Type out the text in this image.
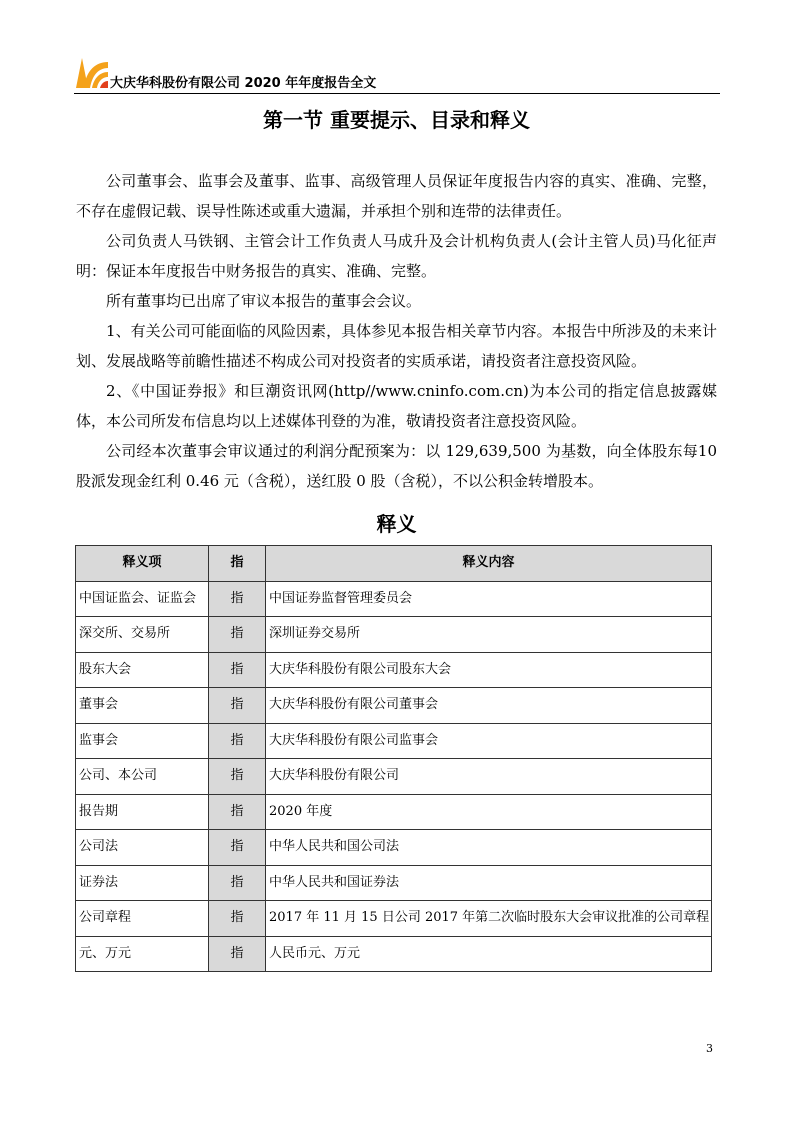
大庆华科股份有限公司 2020 年年度报告全文
第一节 重要提示、目录和释义

公司董事会、监事会及董事、监事、高级管理人员保证年度报告内容的真实、准确、完整，不存在虚假记载、误导性陈述或重大遗漏，并承担个别和连带的法律责任。

公司负责人马铁钢、主管会计工作负责人马成升及会计机构负责人(会计主管人员)马化征声明：保证本年度报告中财务报告的真实、准确、完整。

所有董事均已出席了审议本报告的董事会会议。

1、有关公司可能面临的风险因素，具体参见本报告相关章节内容。本报告中所涉及的未来计划、发展战略等前瞻性描述不构成公司对投资者的实质承诺，请投资者注意投资风险。

2、《中国证券报》和巨潮资讯网(http//www.cninfo.com.cn)为本公司的指定信息披露媒体，本公司所发布信息均以上述媒体刊登的为准，敬请投资者注意投资风险。

公司经本次董事会审议通过的利润分配预案为：以 129,639,500 为基数，向全体股东每10 股派发现金红利 0.46 元（含税），送红股 0 股（含税），不以公积金转增股本。

释义
释义项	指	释义内容
中国证监会、证监会	指	中国证券监督管理委员会
深交所、交易所	指	深圳证券交易所
股东大会	指	大庆华科股份有限公司股东大会
董事会	指	大庆华科股份有限公司董事会
监事会	指	大庆华科股份有限公司监事会
公司、本公司	指	大庆华科股份有限公司
报告期	指	2020 年度
公司法	指	中华人民共和国公司法
证券法	指	中华人民共和国证券法
公司章程	指	2017 年 11 月 15 日公司 2017 年第二次临时股东大会审议批准的公司章程
元、万元	指	人民币元、万元
3
